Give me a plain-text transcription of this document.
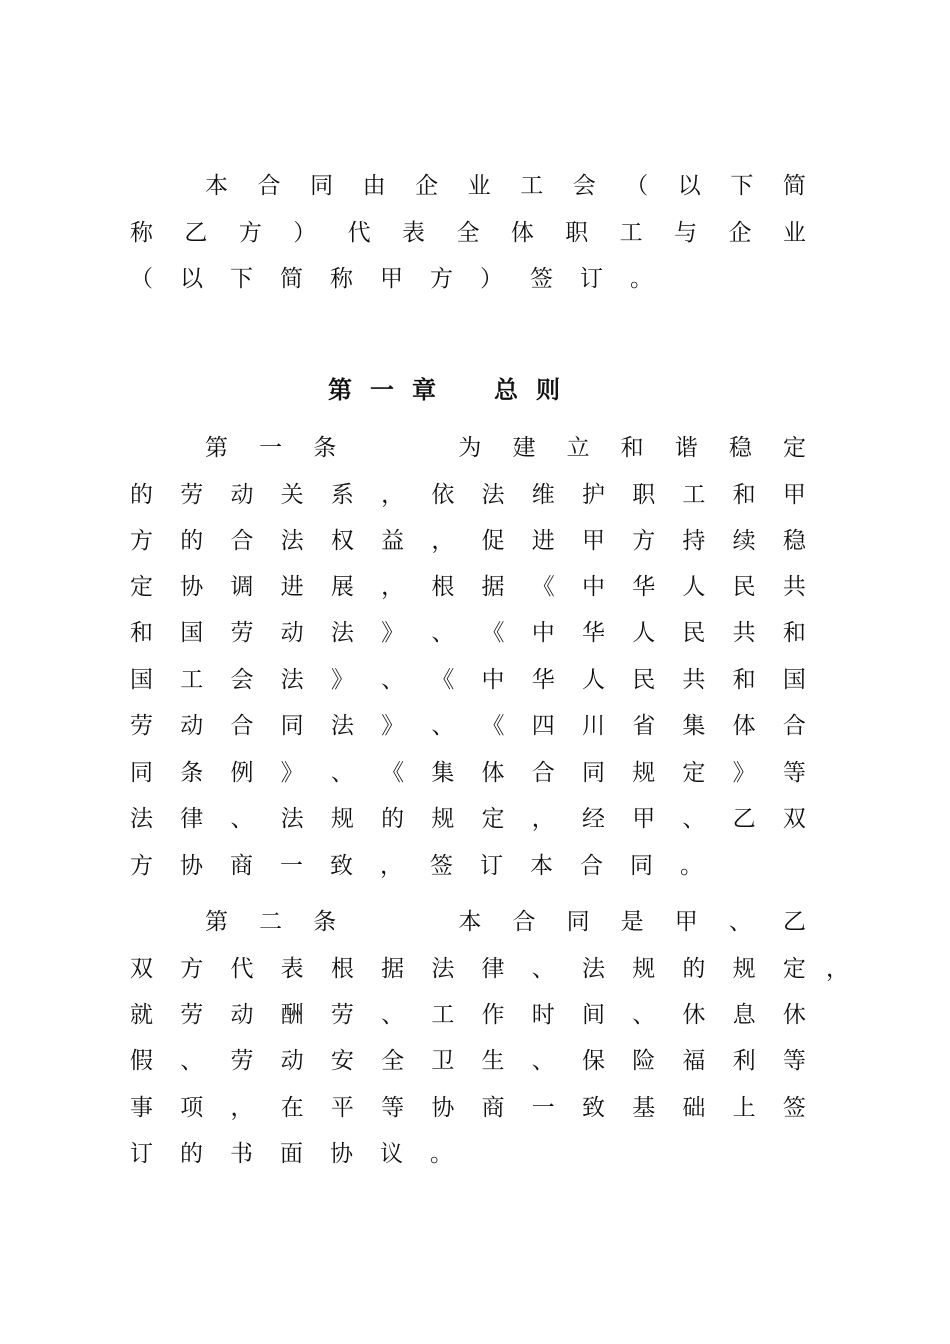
本 合 同 由 企 业 工 会 （ 以 下 简
称 乙 方 ） 代 表 全 体 职 工 与 企 业
（ 以 下 简 称 甲 方 ） 签 订 。
第一章 总则
第 一 条	为 建 立 和 谐 稳 定
的 劳 动 关 系 ， 依 法 维 护 职 工 和 甲
方 的 合 法 权 益 ， 促 进 甲 方 持 续 稳
定 协 调 进 展 ， 根 据 《 中 华 人 民 共
和 国 劳 动 法 》 、 《 中 华 人 民 共 和
国 工 会 法 》 、 《 中 华 人 民 共 和 国
劳 动 合 同 法 》 、 《 四 川 省 集 体 合
同 条 例 》 、 《 集 体 合 同 规 定 》 等
法 律 、 法 规 的 规 定 ， 经 甲 、 乙 双
方 协 商 一 致 ， 签 订 本 合 同 。
第 二 条	本 合 同 是 甲 、 乙
双 方 代 表 根 据 法 律 、 法 规 的 规 定 ，
就 劳 动 酬 劳 、 工 作 时 间 、 休 息 休
假 、 劳 动 安 全 卫 生 、 保 险 福 利 等
事 项 ， 在 平 等 协 商 一 致 基 础 上 签
订 的 书 面 协 议 。
